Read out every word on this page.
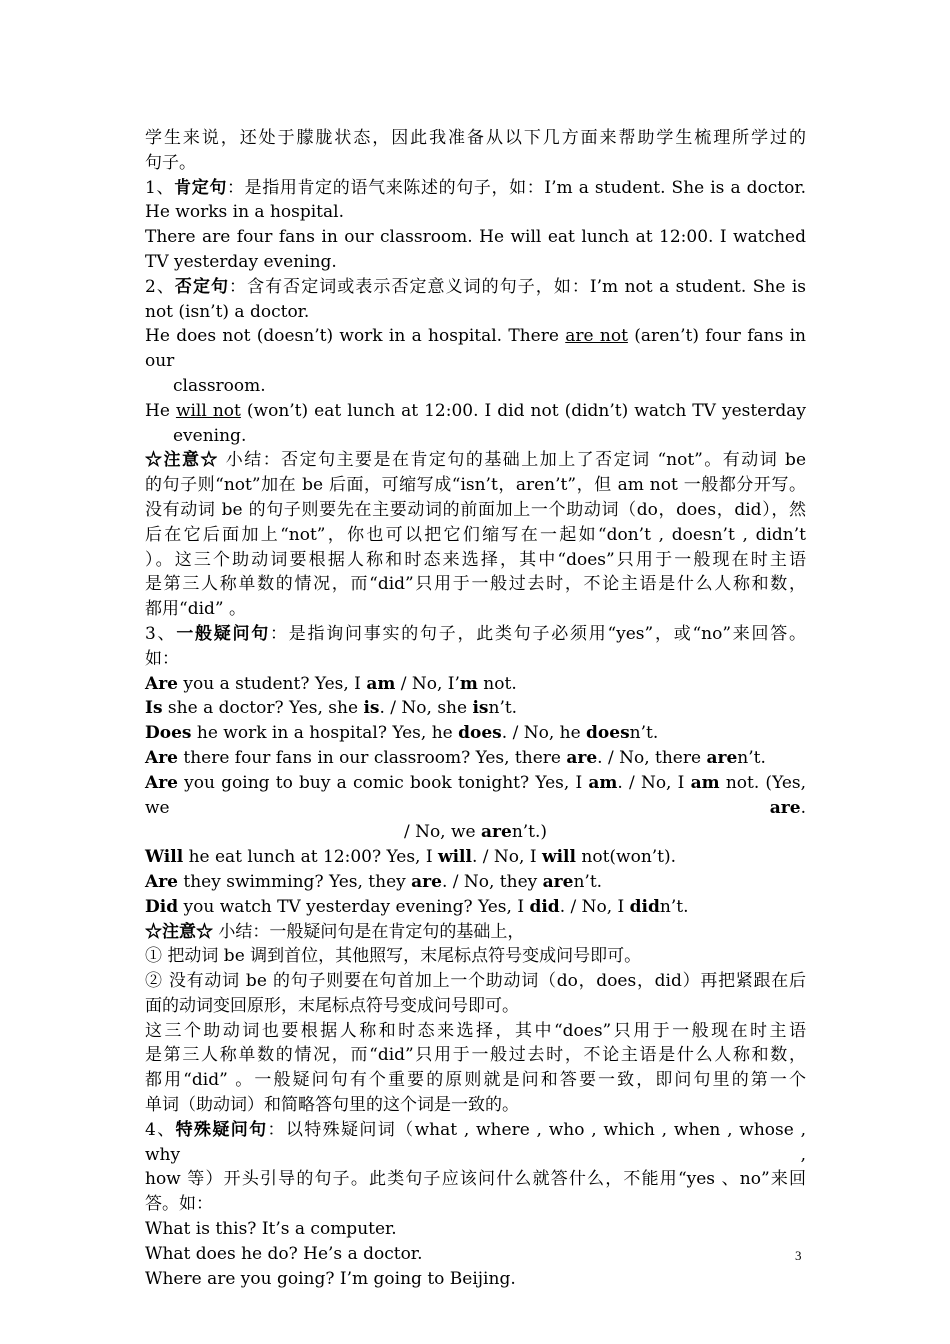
学生来说，还处于朦胧状态，因此我准备从以下几方面来帮助学生梳理所学过的

句子。

1、肯定句：是指用肯定的语气来陈述的句子，如：I’m a student. She is a doctor.

He works in a hospital.

There are four fans in our classroom. He will eat lunch at 12:00. I watched

TV yesterday evening.

2、否定句：含有否定词或表示否定意义词的句子，如：I’m not a student. She is

not (isn’t) a doctor.

He does not (doesn’t) work in a hospital. There are not (aren’t) four fans in our

classroom.

He will not (won’t) eat lunch at 12:00. I did not (didn’t) watch TV yesterday

evening.

☆注意☆ 小结：否定句主要是在肯定句的基础上加上了否定词 “not”。有动词 be

的句子则“not”加在 be 后面，可缩写成“isn’t，aren’t”，但 am not 一般都分开写。

没有动词 be 的句子则要先在主要动词的前面加上一个助动词（do，does，did），然

后在它后面加上“not”，你也可以把它们缩写在一起如“don’t , doesn’t , didn’t

）。这三个助动词要根据人称和时态来选择，其中“does”只用于一般现在时主语

是第三人称单数的情况，而“did”只用于一般过去时，不论主语是什么人称和数，

都用“did” 。

3、一般疑问句：是指询问事实的句子，此类句子必须用“yes”，或“no”来回答。

如：

Are you a student? Yes, I am / No, I’m not.

Is she a doctor? Yes, she is. / No, she isn’t.

Does he work in a hospital? Yes, he does. / No, he doesn’t.

Are there four fans in our classroom? Yes, there are. / No, there aren’t.

Are you going to buy a comic book tonight? Yes, I am. / No, I am not. (Yes, we are.

/ No, we aren’t.)

Will he eat lunch at 12:00? Yes, I will. / No, I will not(won’t).

Are they swimming? Yes, they are. / No, they aren’t.

Did you watch TV yesterday evening? Yes, I did. / No, I didn’t.

☆注意☆ 小结：一般疑问句是在肯定句的基础上，

① 把动词 be 调到首位，其他照写，末尾标点符号变成问号即可。

② 没有动词 be 的句子则要在句首加上一个助动词（do，does，did）再把紧跟在后

面的动词变回原形，末尾标点符号变成问号即可。

这三个助动词也要根据人称和时态来选择，其中“does”只用于一般现在时主语

是第三人称单数的情况，而“did”只用于一般过去时，不论主语是什么人称和数，

都用“did” 。一般疑问句有个重要的原则就是问和答要一致，即问句里的第一个

单词（助动词）和简略答句里的这个词是一致的。

4、特殊疑问句：以特殊疑问词（what , where , who , which , when , whose , why ,

how 等）开头引导的句子。此类句子应该问什么就答什么，不能用“yes 、no”来回

答。如：

What is this? It’s a computer.

What does he do? He’s a doctor.

Where are you going? I’m going to Beijing.

3
